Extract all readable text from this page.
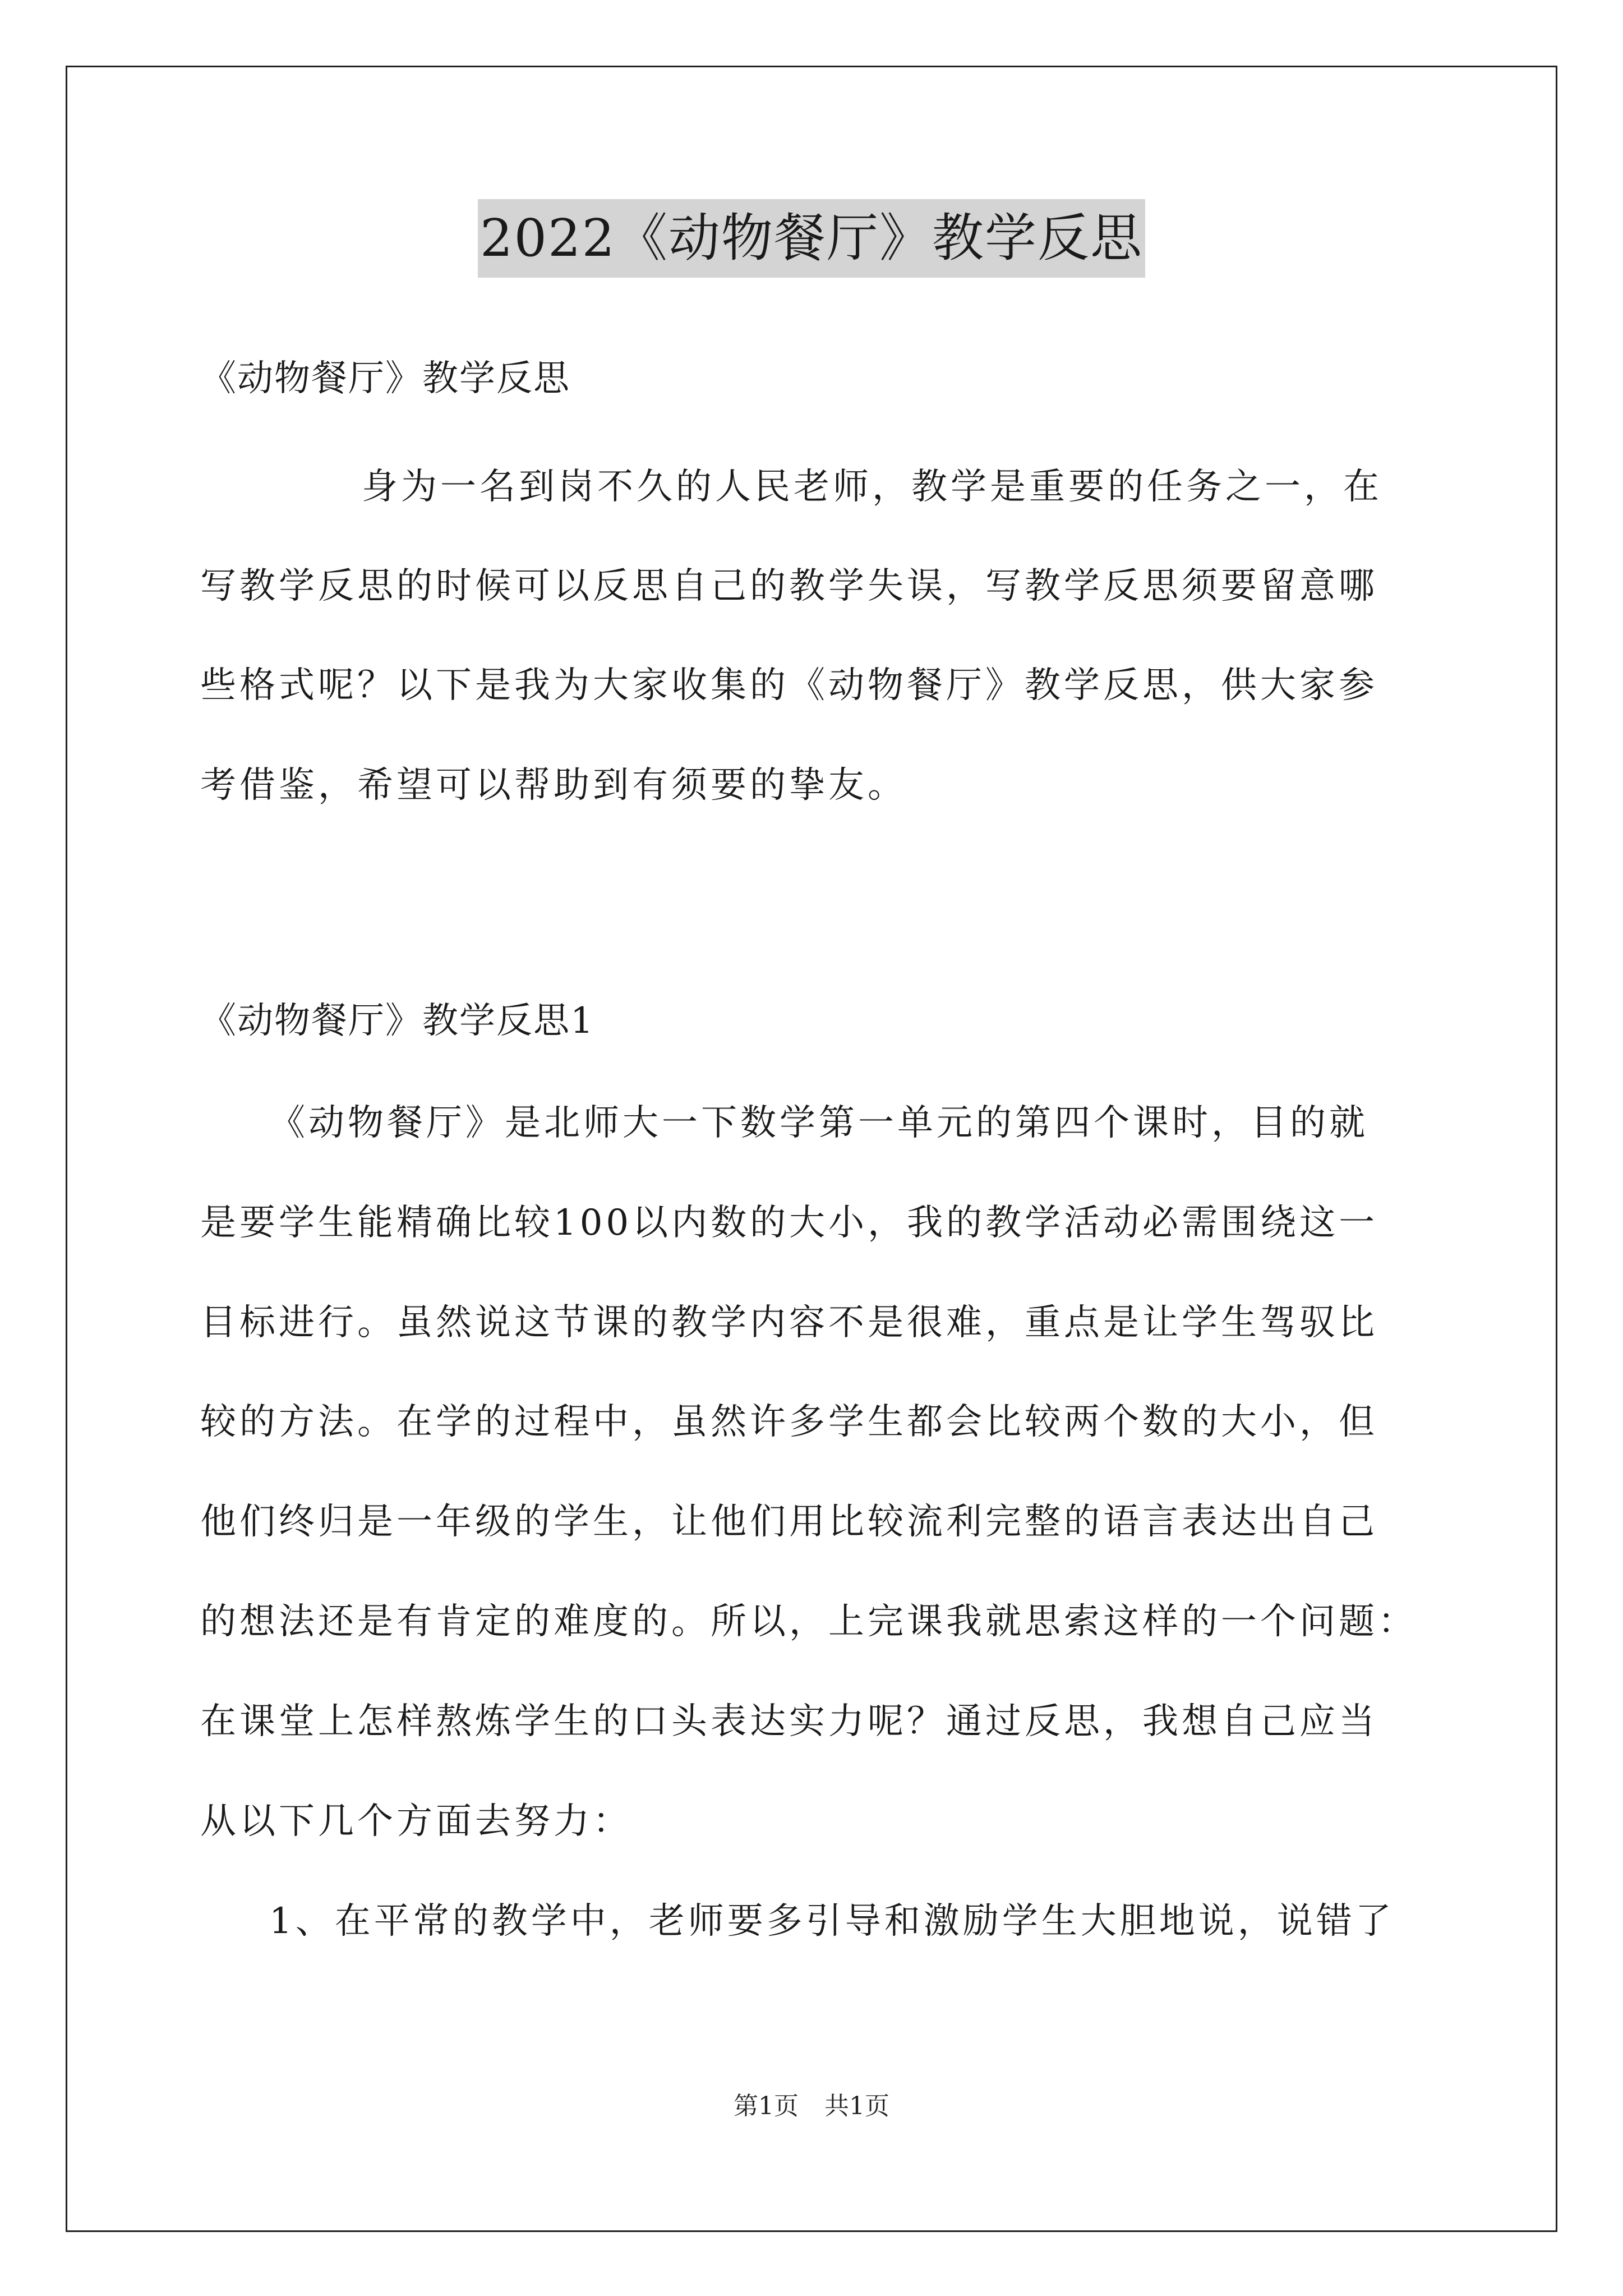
2022《动物餐厅》教学反思
《动物餐厅》教学反思
身为一名到岗不久的人民老师，教学是重要的任务之一，在
写教学反思的时候可以反思自己的教学失误，写教学反思须要留意哪
些格式呢？以下是我为大家收集的《动物餐厅》教学反思，供大家参
考借鉴，希望可以帮助到有须要的挚友。
《动物餐厅》教学反思1
《动物餐厅》是北师大一下数学第一单元的第四个课时，目的就
是要学生能精确比较100以内数的大小，我的教学活动必需围绕这一
目标进行。虽然说这节课的教学内容不是很难，重点是让学生驾驭比
较的方法。在学的过程中，虽然许多学生都会比较两个数的大小，但
他们终归是一年级的学生，让他们用比较流利完整的语言表达出自己
的想法还是有肯定的难度的。所以，上完课我就思索这样的一个问题：
在课堂上怎样熬炼学生的口头表达实力呢？通过反思，我想自己应当
从以下几个方面去努力：
1、在平常的教学中，老师要多引导和激励学生大胆地说，说错了
第1页 共1页
